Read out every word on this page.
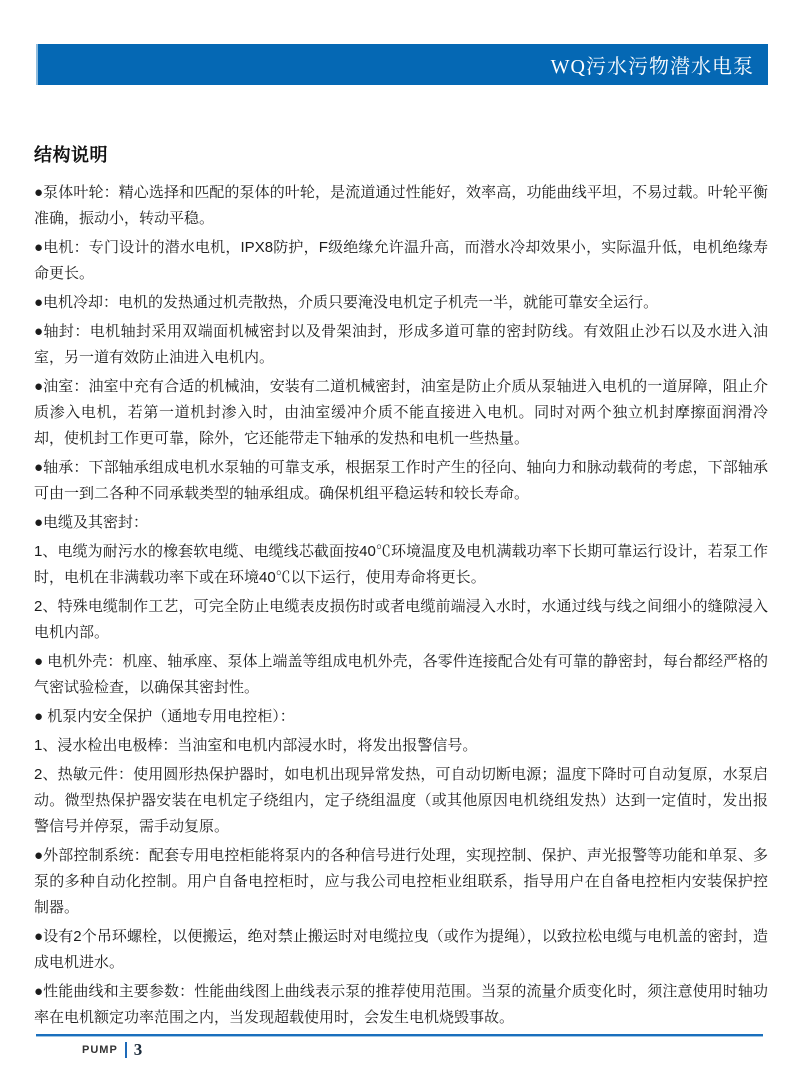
WQ污水污物潜水电泵
结构说明

●泵体叶轮：精心选择和匹配的泵体的叶轮，是流道通过性能好，效率高，功能曲线平坦，不易过载。叶轮平衡准确，振动小，转动平稳。

●电机：专门设计的潜水电机，IPX8防护，F级绝缘允许温升高，而潜水冷却效果小，实际温升低，电机绝缘寿命更长。

●电机冷却：电机的发热通过机壳散热，介质只要淹没电机定子机壳一半，就能可靠安全运行。

●轴封：电机轴封采用双端面机械密封以及骨架油封，形成多道可靠的密封防线。有效阻止沙石以及水进入油室，另一道有效防止油进入电机内。

●油室：油室中充有合适的机械油，安装有二道机械密封，油室是防止介质从泵轴进入电机的一道屏障，阻止介质渗入电机，若第一道机封渗入时，由油室缓冲介质不能直接进入电机。同时对两个独立机封摩擦面润滑冷却，使机封工作更可靠，除外，它还能带走下轴承的发热和电机一些热量。

●轴承：下部轴承组成电机水泵轴的可靠支承，根据泵工作时产生的径向、轴向力和脉动载荷的考虑，下部轴承可由一到二各种不同承载类型的轴承组成。确保机组平稳运转和较长寿命。

●电缆及其密封：

1、电缆为耐污水的橡套软电缆、电缆线芯截面按40℃环境温度及电机满载功率下长期可靠运行设计，若泵工作时，电机在非满载功率下或在环境40℃以下运行，使用寿命将更长。

2、特殊电缆制作工艺，可完全防止电缆表皮损伤时或者电缆前端浸入水时，水通过线与线之间细小的缝隙浸入电机内部。

● 电机外壳：机座、轴承座、泵体上端盖等组成电机外壳，各零件连接配合处有可靠的静密封，每台都经严格的气密试验检查，以确保其密封性。

● 机泵内安全保护（通地专用电控柜）：

1、浸水检出电极棒：当油室和电机内部浸水时，将发出报警信号。

2、热敏元件：使用圆形热保护器时，如电机出现异常发热，可自动切断电源；温度下降时可自动复原，水泵启动。微型热保护器安装在电机定子绕组内，定子绕组温度（或其他原因电机绕组发热）达到一定值时，发出报警信号并停泵，需手动复原。

●外部控制系统：配套专用电控柜能将泵内的各种信号进行处理，实现控制、保护、声光报警等功能和单泵、多泵的多种自动化控制。用户自备电控柜时，应与我公司电控柜业组联系，指导用户在自备电控柜内安装保护控制器。

●设有2个吊环螺栓，以便搬运，绝对禁止搬运时对电缆拉曳（或作为提绳），以致拉松电缆与电机盖的密封，造成电机进水。

●性能曲线和主要参数：性能曲线图上曲线表示泵的推荐使用范围。当泵的流量介质变化时，须注意使用时轴功率在电机额定功率范围之内，当发现超载使用时，会发生电机烧毁事故。

PUMP 3
